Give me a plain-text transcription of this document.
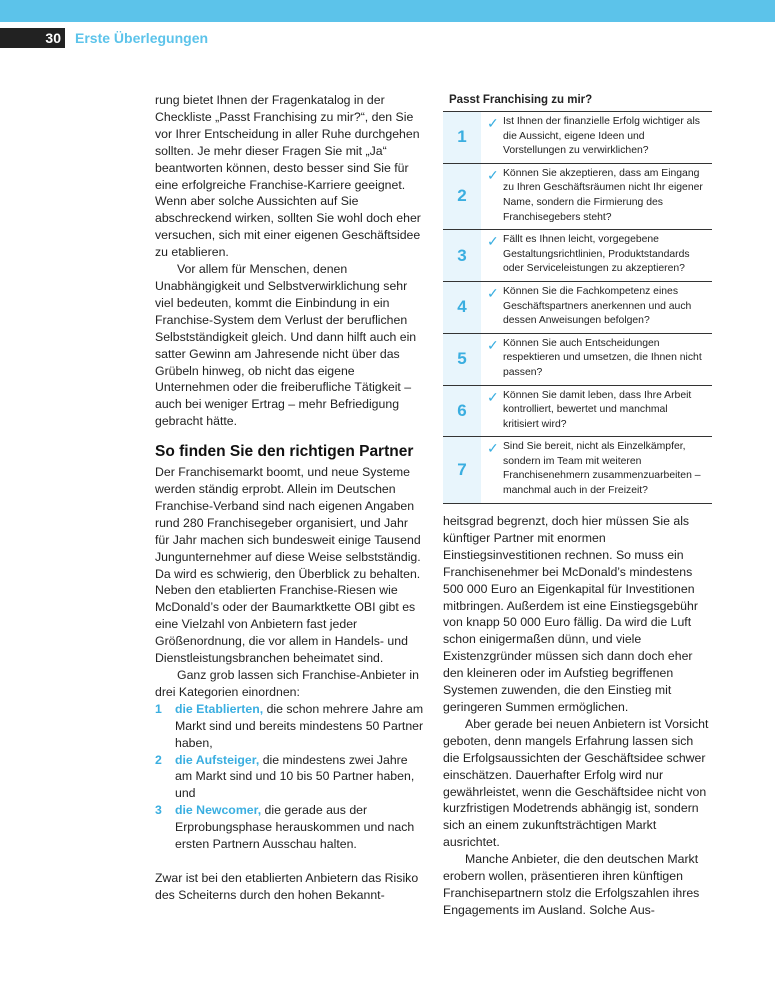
30 Erste Überlegungen

rung bietet Ihnen der Fragenkatalog in der Checkliste „Passt Franchising zu mir?“, den Sie vor Ihrer Entscheidung in aller Ruhe durchgehen sollten. Je mehr dieser Fragen Sie mit „Ja“ beantworten können, desto besser sind Sie für eine erfolgreiche Franchise-Karriere geeignet. Wenn aber solche Aussichten auf Sie abschreckend wirken, sollten Sie wohl doch eher versuchen, sich mit einer eigenen Geschäftsidee zu etablieren.

Vor allem für Menschen, denen Unabhängigkeit und Selbstverwirklichung sehr viel bedeuten, kommt die Einbindung in ein Franchise-System dem Verlust der beruflichen Selbstständigkeit gleich. Und dann hilft auch ein satter Gewinn am Jahresende nicht über das Grübeln hinweg, ob nicht das eigene Unternehmen oder die freiberufliche Tätigkeit – auch bei weniger Ertrag – mehr Befriedigung gebracht hätte.

So finden Sie den richtigen Partner

Der Franchisemarkt boomt, und neue Systeme werden ständig erprobt. Allein im Deutschen Franchise-Verband sind nach eigenen Angaben rund 280 Franchisegeber organisiert, und Jahr für Jahr machen sich bundesweit einige Tausend Jungunternehmer auf diese Weise selbstständig. Da wird es schwierig, den Überblick zu behalten. Neben den etablierten Franchise-Riesen wie McDonald’s oder der Baumarktkette OBI gibt es eine Vielzahl von Anbietern fast jeder Größenordnung, die vor allem in Handels- und Dienstleistungsbranchen beheimatet sind.

Ganz grob lassen sich Franchise-Anbieter in drei Kategorien einordnen:

1 die Etablierten, die schon mehrere Jahre am Markt sind und bereits mindestens 50 Partner haben,
2 die Aufsteiger, die mindestens zwei Jahre am Markt sind und 10 bis 50 Partner haben, und
3 die Newcomer, die gerade aus der Erprobungsphase herauskommen und nach ersten Partnern Ausschau halten.

Zwar ist bei den etablierten Anbietern das Risiko des Scheiterns durch den hohen Bekannt-

Passt Franchising zu mir?
1
✓ Ist Ihnen der finanzielle Erfolg wichtiger als die Aussicht, eigene Ideen und Vorstellungen zu verwirklichen?
2
✓ Können Sie akzeptieren, dass am Eingang zu Ihren Geschäftsräumen nicht Ihr eigener Name, sondern die Firmierung des Franchisegebers steht?
3
✓ Fällt es Ihnen leicht, vorgegebene Gestaltungsrichtlinien, Produktstandards oder Serviceleistungen zu akzeptieren?
4
✓ Können Sie die Fachkompetenz eines Geschäftspartners anerkennen und auch dessen Anweisungen befolgen?
5
✓ Können Sie auch Entscheidungen respektieren und umsetzen, die Ihnen nicht passen?
6
✓ Können Sie damit leben, dass Ihre Arbeit kontrolliert, bewertet und manchmal kritisiert wird?
7
✓ Sind Sie bereit, nicht als Einzelkämpfer, sondern im Team mit weiteren Franchisenehmern zusammenzuarbeiten – manchmal auch in der Freizeit?

heitsgrad begrenzt, doch hier müssen Sie als künftiger Partner mit enormen Einstiegsinvestitionen rechnen. So muss ein Franchisenehmer bei McDonald’s mindestens 500 000 Euro an Eigenkapital für Investitionen mitbringen. Außerdem ist eine Einstiegsgebühr von knapp 50 000 Euro fällig. Da wird die Luft schon einigermaßen dünn, und viele Existenzgründer müssen sich dann doch eher den kleineren oder im Aufstieg begriffenen Systemen zuwenden, die den Einstieg mit geringeren Summen ermöglichen.

Aber gerade bei neuen Anbietern ist Vorsicht geboten, denn mangels Erfahrung lassen sich die Erfolgsaussichten der Geschäftsidee schwer einschätzen. Dauerhafter Erfolg wird nur gewährleistet, wenn die Geschäftsidee nicht von kurzfristigen Modetrends abhängig ist, sondern sich an einem zukunftsträchtigen Markt ausrichtet.

Manche Anbieter, die den deutschen Markt erobern wollen, präsentieren ihren künftigen Franchisepartnern stolz die Erfolgszahlen ihres Engagements im Ausland. Solche Aus-
